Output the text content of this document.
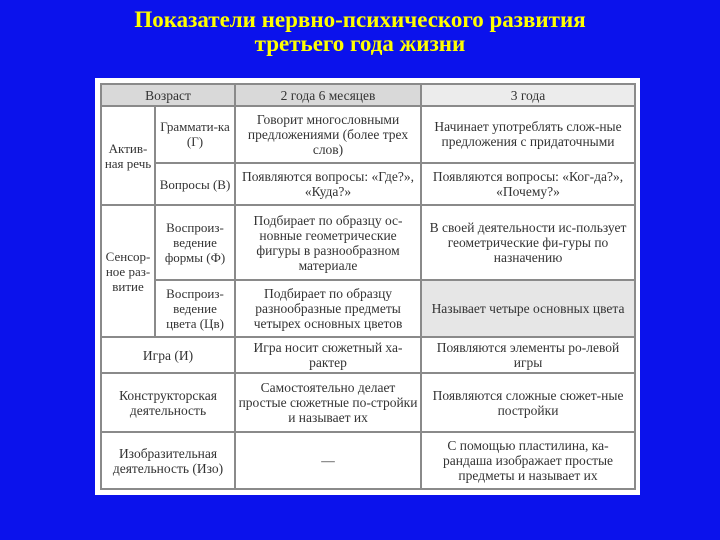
Показатели нервно-психического развития
третьего года жизни
Возраст		2 года 6 месяцев	3 года
Актив-ная речь	Граммати-ка (Г)	Говорит многословными предложениями (более трех слов)	Начинает употреблять слож-ные предложения с придаточными
	Вопросы (В)	Появляются вопросы: «Где?», «Куда?»	Появляются вопросы: «Ког-да?», «Почему?»
Сенсор-ное раз-витие	Воспроиз-ведение формы (Ф)	Подбирает по образцу ос-новные геометрические фигуры в разнообразном материале	В своей деятельности ис-пользует геометрические фи-гуры по назначению
	Воспроиз-ведение цвета (Цв)	Подбирает по образцу разнообразные предметы четырех основных цветов	Называет четыре основных цвета
Игра (И)		Игра носит сюжетный ха-рактер	Появляются элементы ро-левой игры
Конструкторская деятельность		Самостоятельно делает простые сюжетные по-стройки и называет их	Появляются сложные сюжет-ные постройки
Изобразительная деятельность (Изо)		—	С помощью пластилина, ка-рандаша изображает простые предметы и называет их
